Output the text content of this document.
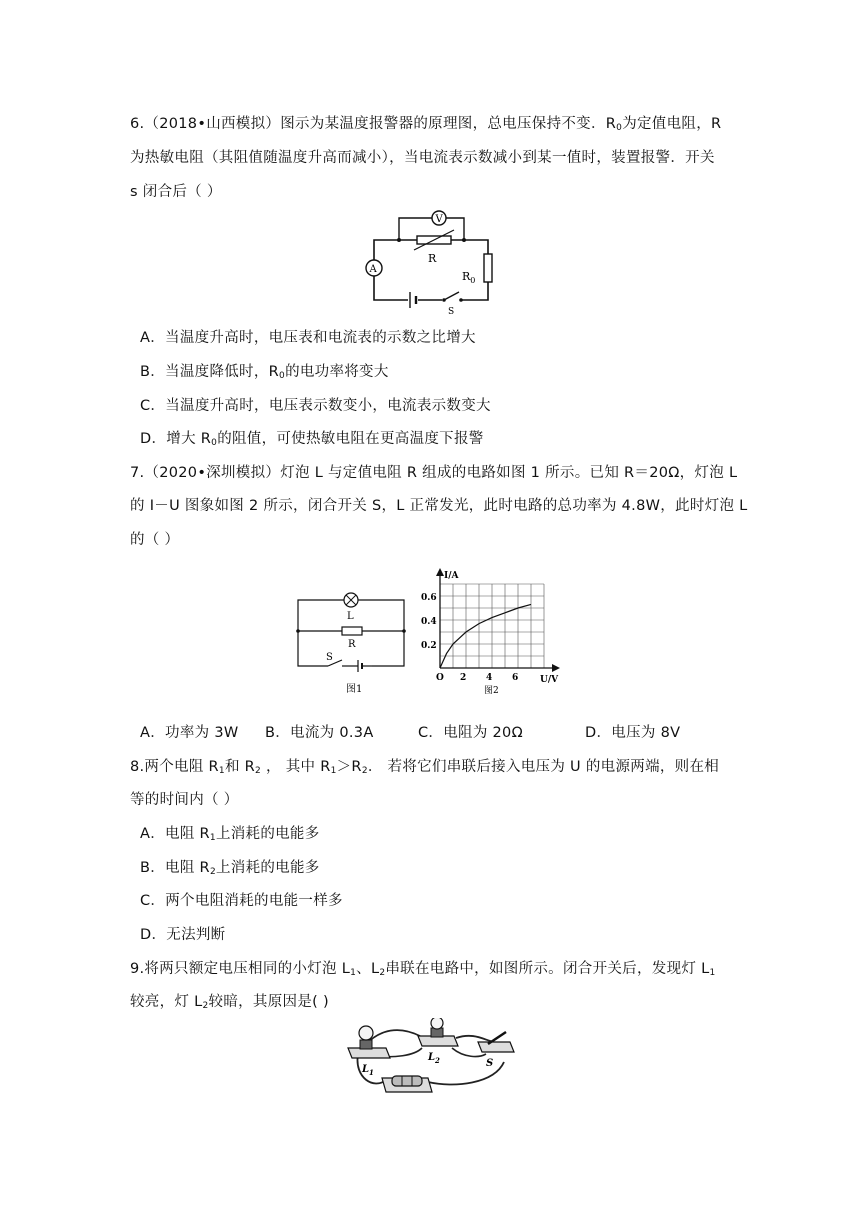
6.（2018•山西模拟）图示为某温度报警器的原理图，总电压保持不变．$R_0$为定值电阻，R
为热敏电阻（其阻值随温度升高而减小），当电流表示数减小到某一值时，装置报警．开关
s 闭合后（ ）
V
R
A
$R_0$
S
A．当温度升高时，电压表和电流表的示数之比增大
B．当温度降低时，$R_0$的电功率将变大
C．当温度升高时，电压表示数变小，电流表示数变大
D．增大 $R_0$的阻值，可使热敏电阻在更高温度下报警
7.（2020•深圳模拟）灯泡 L 与定值电阻 R 组成的电路如图 1 所示。已知 R＝20Ω，灯泡 L
的 I－U 图象如图 2 所示，闭合开关 S，L 正常发光，此时电路的总功率为 4.8W，此时灯泡 L
的（ ）
L
R
S
图1
I/A
U/V
O
0.6
0.4
0.2
2 4 6
图2
A．功率为 3W B．电流为 0.3A	C．电阻为 20Ω	D．电压为 8V
8.两个电阻 $R_1$和 $R_2$ ， 其中 $R_1>R_2$． 若将它们串联后接入电压为 U 的电源两端，则在相
等的时间内（ ）
A．电阻 $R_1$上消耗的电能多
B．电阻 $R_2$上消耗的电能多
C．两个电阻消耗的电能一样多
D．无法判断
9.将两只额定电压相同的小灯泡 $L_1$、$L_2$串联在电路中，如图所示。闭合开关后，发现灯 $L_1$
较亮，灯 $L_2$较暗，其原因是( )
$L_1$
$L_2$	S
